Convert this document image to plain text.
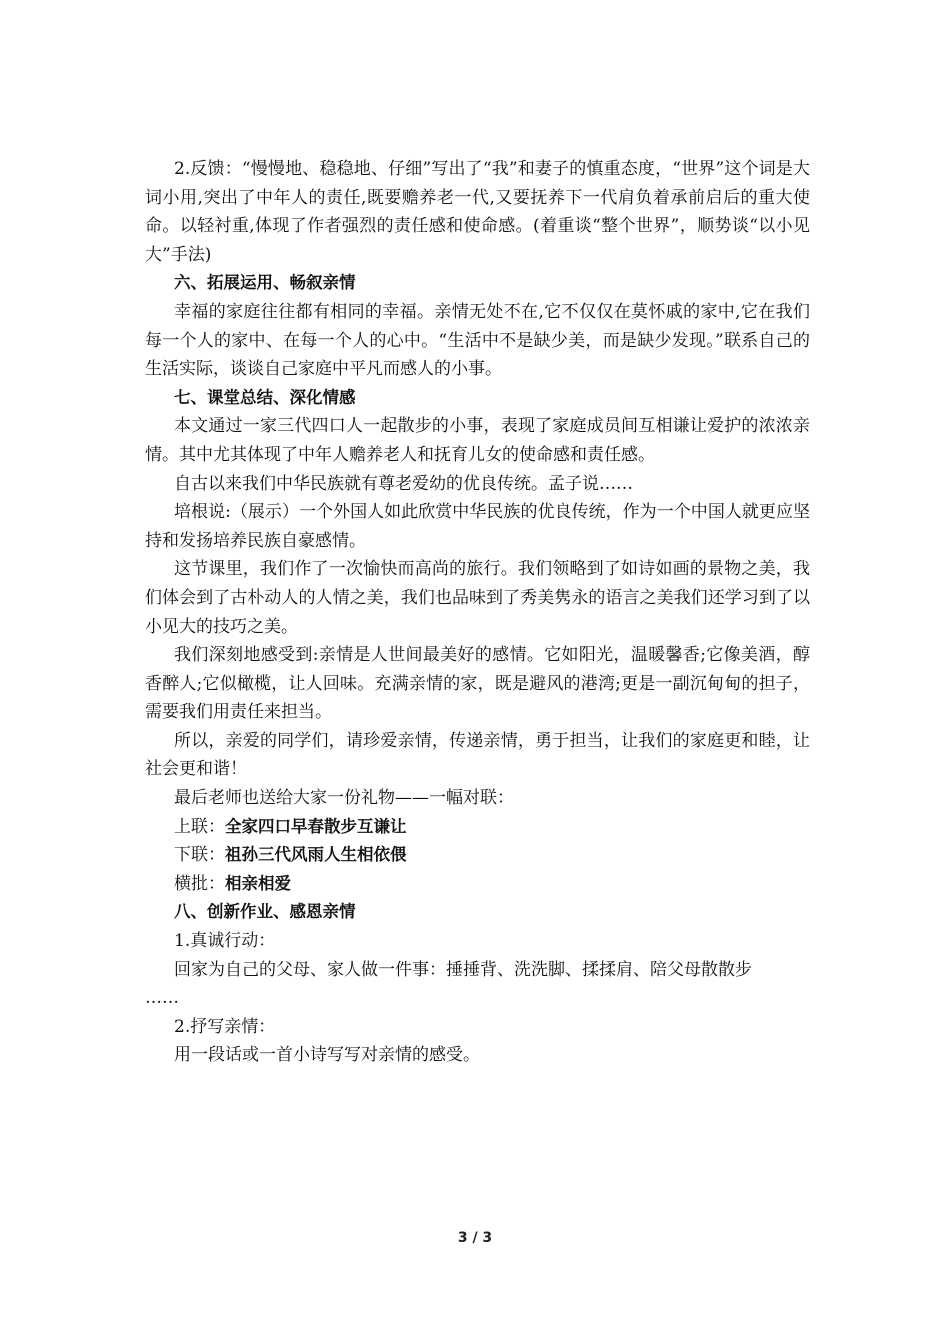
2.反馈：“慢慢地、稳稳地、仔细”写出了“我”和妻子的慎重态度，“世界”这个词是大词小用,突出了中年人的责任,既要赡养老一代,又要抚养下一代肩负着承前启后的重大使命。以轻衬重,体现了作者强烈的责任感和使命感。(着重谈“整个世界”，顺势谈“以小见大”手法)

六、拓展运用、畅叙亲情

幸福的家庭往往都有相同的幸福。亲情无处不在,它不仅仅在莫怀戚的家中,它在我们每一个人的家中、在每一个人的心中。“生活中不是缺少美，而是缺少发现。”联系自己的生活实际，谈谈自己家庭中平凡而感人的小事。

七、课堂总结、深化情感

本文通过一家三代四口人一起散步的小事，表现了家庭成员间互相谦让爱护的浓浓亲情。其中尤其体现了中年人赡养老人和抚育儿女的使命感和责任感。

自古以来我们中华民族就有尊老爱幼的优良传统。孟子说……

培根说:（展示）一个外国人如此欣赏中华民族的优良传统，作为一个中国人就更应坚持和发扬培养民族自豪感情。

这节课里，我们作了一次愉快而高尚的旅行。我们领略到了如诗如画的景物之美，我们体会到了古朴动人的人情之美，我们也品味到了秀美隽永的语言之美我们还学习到了以小见大的技巧之美。

我们深刻地感受到:亲情是人世间最美好的感情。它如阳光，温暖馨香;它像美酒，醇香醉人;它似橄榄，让人回味。充满亲情的家，既是避风的港湾;更是一副沉甸甸的担子，需要我们用责任来担当。

所以，亲爱的同学们，请珍爱亲情，传递亲情，勇于担当，让我们的家庭更和睦，让社会更和谐！

最后老师也送给大家一份礼物——一幅对联：

上联：全家四口早春散步互谦让

下联：祖孙三代风雨人生相依偎

横批：相亲相爱

八、创新作业、感恩亲情

1.真诚行动：

回家为自己的父母、家人做一件事：捶捶背、洗洗脚、揉揉肩、陪父母散散步

……

2.抒写亲情：

用一段话或一首小诗写写对亲情的感受。

3 / 3
